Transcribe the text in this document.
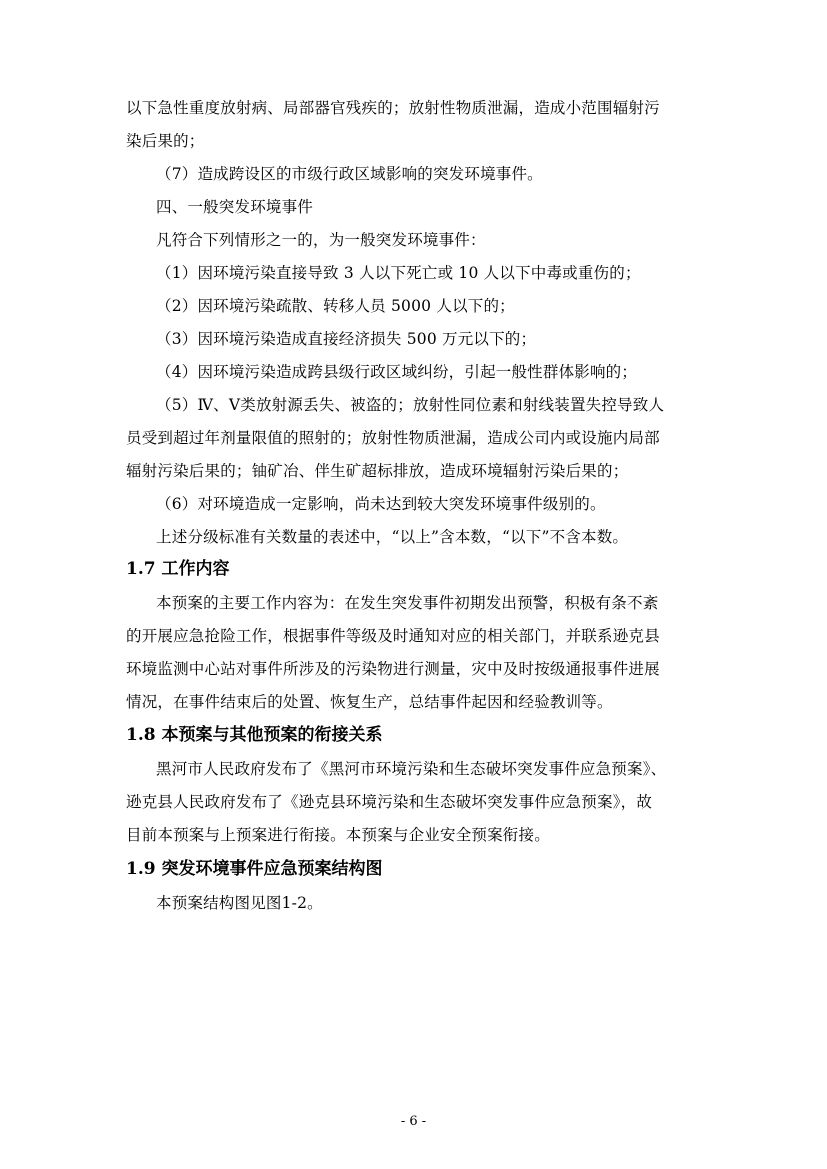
以下急性重度放射病、局部器官残疾的；放射性物质泄漏，造成小范围辐射污
染后果的；
（7）造成跨设区的市级行政区域影响的突发环境事件。
四、一般突发环境事件
凡符合下列情形之一的，为一般突发环境事件：
（1）因环境污染直接导致 3 人以下死亡或 10 人以下中毒或重伤的；
（2）因环境污染疏散、转移人员 5000 人以下的；
（3）因环境污染造成直接经济损失 500 万元以下的；
（4）因环境污染造成跨县级行政区域纠纷，引起一般性群体影响的；
（5）Ⅳ、Ⅴ类放射源丢失、被盗的；放射性同位素和射线装置失控导致人
员受到超过年剂量限值的照射的；放射性物质泄漏，造成公司内或设施内局部
辐射污染后果的；铀矿冶、伴生矿超标排放，造成环境辐射污染后果的；
（6）对环境造成一定影响，尚未达到较大突发环境事件级别的。
上述分级标准有关数量的表述中，“以上”含本数，“以下”不含本数。
1.7 工作内容
本预案的主要工作内容为：在发生突发事件初期发出预警，积极有条不紊
的开展应急抢险工作，根据事件等级及时通知对应的相关部门，并联系逊克县
环境监测中心站对事件所涉及的污染物进行测量，灾中及时按级通报事件进展
情况，在事件结束后的处置、恢复生产，总结事件起因和经验教训等。
1.8 本预案与其他预案的衔接关系
黑河市人民政府发布了《黑河市环境污染和生态破坏突发事件应急预案》、
逊克县人民政府发布了《逊克县环境污染和生态破坏突发事件应急预案》，故
目前本预案与上预案进行衔接。本预案与企业安全预案衔接。
1.9 突发环境事件应急预案结构图
本预案结构图见图1-2。
- 6 -
